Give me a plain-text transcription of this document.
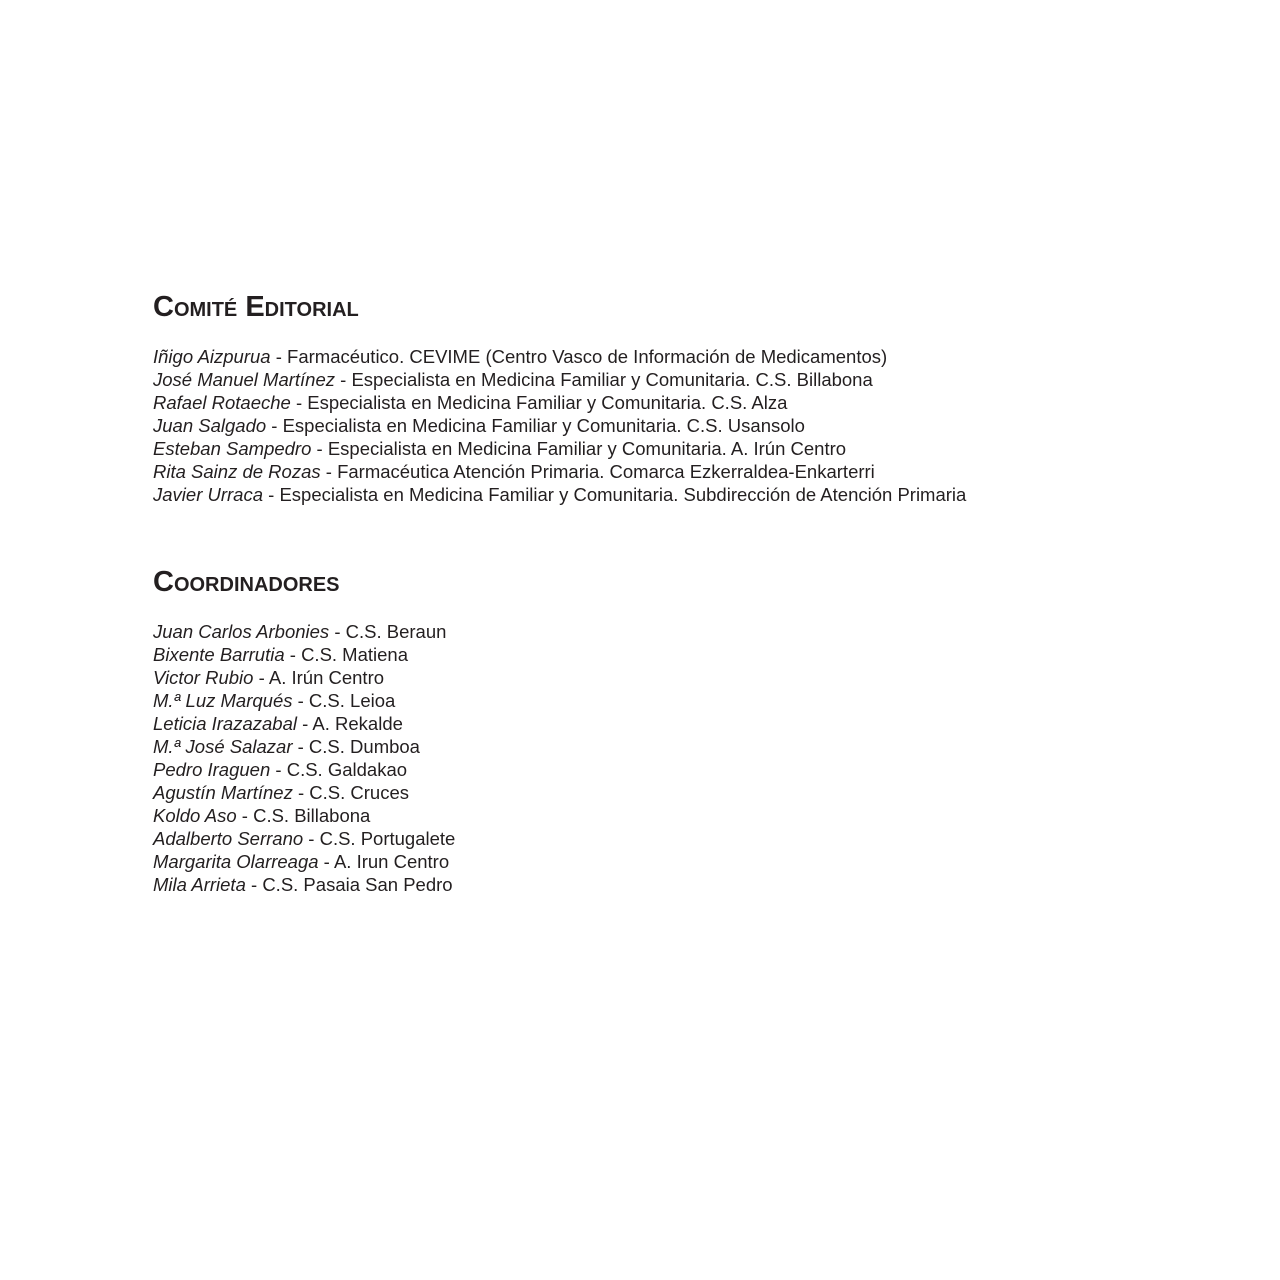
Comité Editorial
Iñigo Aizpurua - Farmacéutico. CEVIME (Centro Vasco de Información de Medicamentos)
José Manuel Martínez - Especialista en Medicina Familiar y Comunitaria. C.S. Billabona
Rafael Rotaeche - Especialista en Medicina Familiar y Comunitaria. C.S. Alza
Juan Salgado - Especialista en Medicina Familiar y Comunitaria. C.S. Usansolo
Esteban Sampedro - Especialista en Medicina Familiar y Comunitaria. A. Irún Centro
Rita Sainz de Rozas - Farmacéutica Atención Primaria. Comarca Ezkerraldea-Enkarterri
Javier Urraca - Especialista en Medicina Familiar y Comunitaria. Subdirección de Atención Primaria
Coordinadores
Juan Carlos Arbonies - C.S. Beraun
Bixente Barrutia - C.S. Matiena
Victor Rubio - A. Irún Centro
M.ª Luz Marqués - C.S. Leioa
Leticia Irazazabal - A. Rekalde
M.ª José Salazar - C.S. Dumboa
Pedro Iraguen - C.S. Galdakao
Agustín Martínez - C.S. Cruces
Koldo Aso - C.S. Billabona
Adalberto Serrano - C.S. Portugalete
Margarita Olarreaga - A. Irun Centro
Mila Arrieta - C.S. Pasaia San Pedro
